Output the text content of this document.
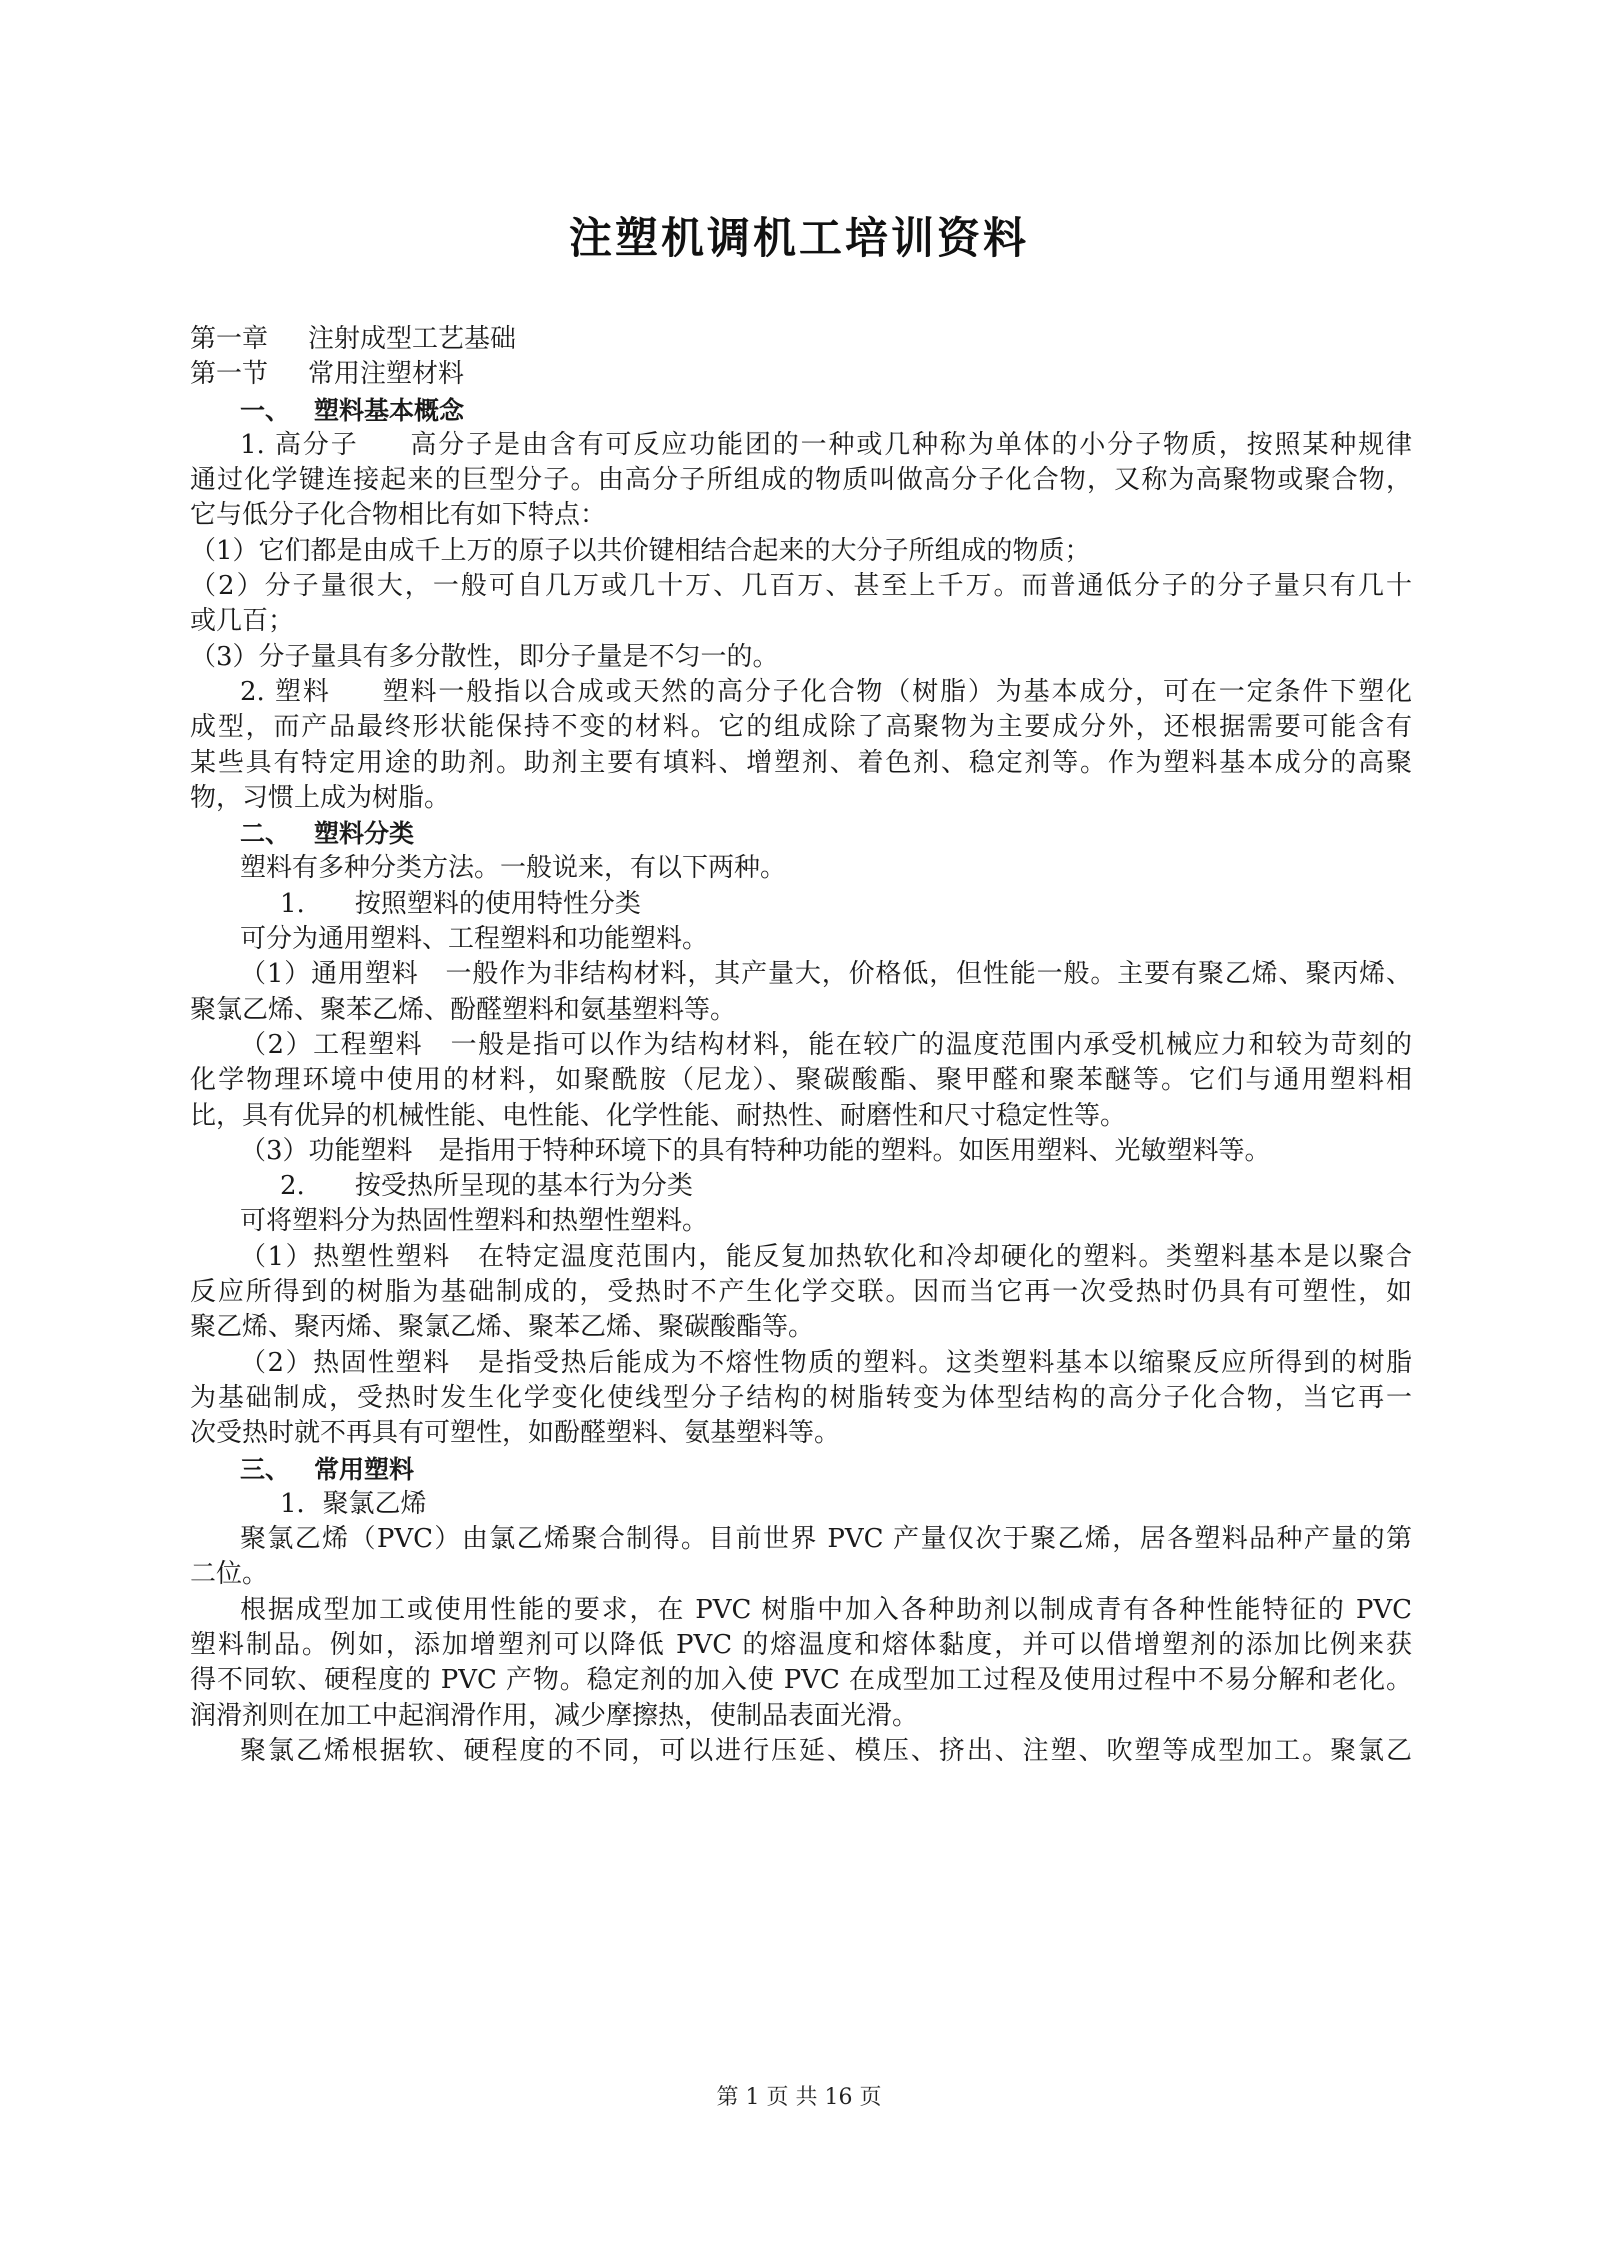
注塑机调机工培训资料
第一章 注射成型工艺基础
第一节 常用注塑材料
一、 塑料基本概念
1. 高分子 高分子是由含有可反应功能团的一种或几种称为单体的小分子物质，按照某种规律
通过化学键连接起来的巨型分子。由高分子所组成的物质叫做高分子化合物，又称为高聚物或聚合物，
它与低分子化合物相比有如下特点：
（1）它们都是由成千上万的原子以共价键相结合起来的大分子所组成的物质；
（2）分子量很大，一般可自几万或几十万、几百万、甚至上千万。而普通低分子的分子量只有几十
或几百；
（3）分子量具有多分散性，即分子量是不匀一的。
2. 塑料 塑料一般指以合成或天然的高分子化合物（树脂）为基本成分，可在一定条件下塑化
成型，而产品最终形状能保持不变的材料。它的组成除了高聚物为主要成分外，还根据需要可能含有
某些具有特定用途的助剂。助剂主要有填料、增塑剂、着色剂、稳定剂等。作为塑料基本成分的高聚
物，习惯上成为树脂。
二、 塑料分类
塑料有多种分类方法。一般说来，有以下两种。
1. 按照塑料的使用特性分类
可分为通用塑料、工程塑料和功能塑料。
（1）通用塑料　一般作为非结构材料，其产量大，价格低，但性能一般。主要有聚乙烯、聚丙烯、
聚氯乙烯、聚苯乙烯、酚醛塑料和氨基塑料等。
（2）工程塑料　一般是指可以作为结构材料，能在较广的温度范围内承受机械应力和较为苛刻的
化学物理环境中使用的材料，如聚酰胺（尼龙）、聚碳酸酯、聚甲醛和聚苯醚等。它们与通用塑料相
比，具有优异的机械性能、电性能、化学性能、耐热性、耐磨性和尺寸稳定性等。
（3）功能塑料　是指用于特种环境下的具有特种功能的塑料。如医用塑料、光敏塑料等。
2. 按受热所呈现的基本行为分类
可将塑料分为热固性塑料和热塑性塑料。
（1）热塑性塑料　在特定温度范围内，能反复加热软化和冷却硬化的塑料。类塑料基本是以聚合
反应所得到的树脂为基础制成的，受热时不产生化学交联。因而当它再一次受热时仍具有可塑性，如
聚乙烯、聚丙烯、聚氯乙烯、聚苯乙烯、聚碳酸酯等。
（2）热固性塑料　是指受热后能成为不熔性物质的塑料。这类塑料基本以缩聚反应所得到的树脂
为基础制成，受热时发生化学变化使线型分子结构的树脂转变为体型结构的高分子化合物，当它再一
次受热时就不再具有可塑性，如酚醛塑料、氨基塑料等。
三、 常用塑料
1．聚氯乙烯
聚氯乙烯（PVC）由氯乙烯聚合制得。目前世界 PVC 产量仅次于聚乙烯，居各塑料品种产量的第
二位。
根据成型加工或使用性能的要求，在 PVC 树脂中加入各种助剂以制成青有各种性能特征的 PVC
塑料制品。例如，添加增塑剂可以降低 PVC 的熔温度和熔体黏度，并可以借增塑剂的添加比例来获
得不同软、硬程度的 PVC 产物。稳定剂的加入使 PVC 在成型加工过程及使用过程中不易分解和老化。
润滑剂则在加工中起润滑作用，减少摩擦热，使制品表面光滑。
聚氯乙烯根据软、硬程度的不同，可以进行压延、模压、挤出、注塑、吹塑等成型加工。聚氯乙
第 1 页 共 16 页
